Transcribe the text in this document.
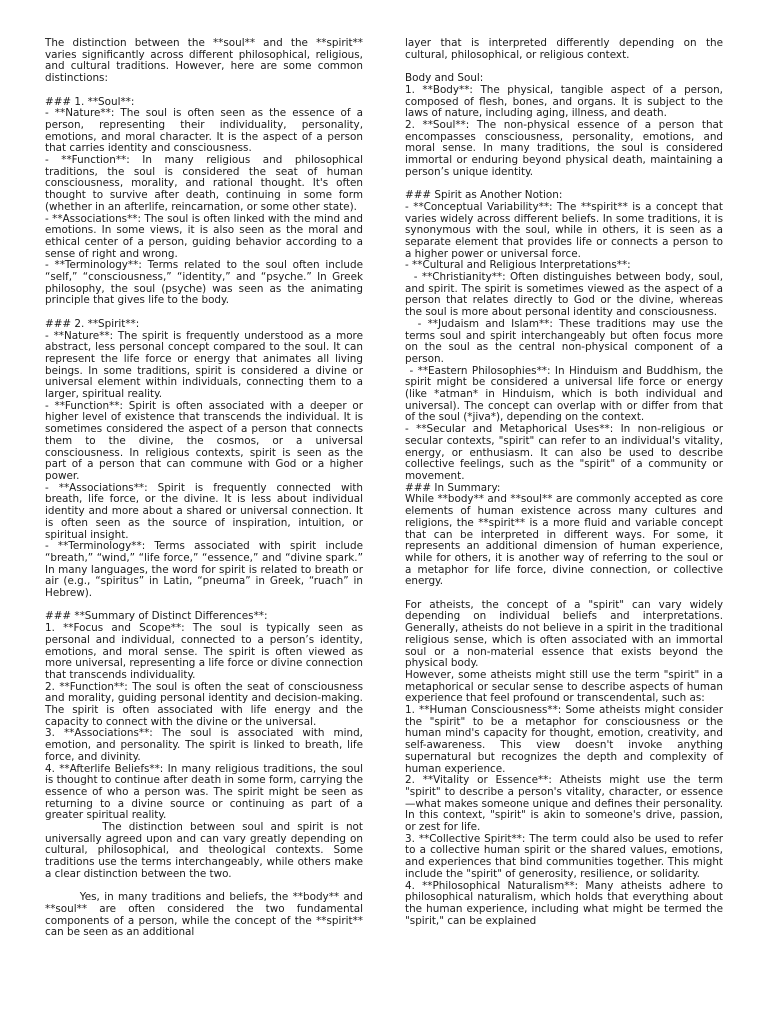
The distinction between the **soul** and the **spirit** varies significantly across different philosophical, religious, and cultural traditions. However, here are some common distinctions:
### 1. **Soul**:
- **Nature**: The soul is often seen as the essence of a person, representing their individuality, personality, emotions, and moral character. It is the aspect of a person that carries identity and consciousness.
- **Function**: In many religious and philosophical traditions, the soul is considered the seat of human consciousness, morality, and rational thought. It's often thought to survive after death, continuing in some form (whether in an afterlife, reincarnation, or some other state).
- **Associations**: The soul is often linked with the mind and emotions. In some views, it is also seen as the moral and ethical center of a person, guiding behavior according to a sense of right and wrong.
- **Terminology**: Terms related to the soul often include “self,” “consciousness,” “identity,” and “psyche.” In Greek philosophy, the soul (psyche) was seen as the animating principle that gives life to the body.
### 2. **Spirit**:
- **Nature**: The spirit is frequently understood as a more abstract, less personal concept compared to the soul. It can represent the life force or energy that animates all living beings. In some traditions, spirit is considered a divine or universal element within individuals, connecting them to a larger, spiritual reality.
- **Function**: Spirit is often associated with a deeper or higher level of existence that transcends the individual. It is sometimes considered the aspect of a person that connects them to the divine, the cosmos, or a universal consciousness. In religious contexts, spirit is seen as the part of a person that can commune with God or a higher power.
- **Associations**: Spirit is frequently connected with breath, life force, or the divine. It is less about individual identity and more about a shared or universal connection. It is often seen as the source of inspiration, intuition, or spiritual insight.
- **Terminology**: Terms associated with spirit include “breath,” “wind,” “life force,” “essence,” and “divine spark.” In many languages, the word for spirit is related to breath or air (e.g., “spiritus” in Latin, “pneuma” in Greek, “ruach” in Hebrew).
### **Summary of Distinct Differences**:
1. **Focus and Scope**: The soul is typically seen as personal and individual, connected to a person’s identity, emotions, and moral sense. The spirit is often viewed as more universal, representing a life force or divine connection that transcends individuality.
2. **Function**: The soul is often the seat of consciousness and morality, guiding personal identity and decision-making. The spirit is often associated with life energy and the capacity to connect with the divine or the universal.
3. **Associations**: The soul is associated with mind, emotion, and personality. The spirit is linked to breath, life force, and divinity.
4. **Afterlife Beliefs**: In many religious traditions, the soul is thought to continue after death in some form, carrying the essence of who a person was. The spirit might be seen as returning to a divine source or continuing as part of a greater spiritual reality.
The distinction between soul and spirit is not universally agreed upon and can vary greatly depending on cultural, philosophical, and theological contexts. Some traditions use the terms interchangeably, while others make a clear distinction between the two.
Yes, in many traditions and beliefs, the **body** and **soul** are often considered the two fundamental components of a person, while the concept of the **spirit** can be seen as an additional
layer that is interpreted differently depending on the cultural, philosophical, or religious context.
Body and Soul:
1. **Body**: The physical, tangible aspect of a person, composed of flesh, bones, and organs. It is subject to the laws of nature, including aging, illness, and death.
2. **Soul**: The non-physical essence of a person that encompasses consciousness, personality, emotions, and moral sense. In many traditions, the soul is considered immortal or enduring beyond physical death, maintaining a person’s unique identity.
### Spirit as Another Notion:
- **Conceptual Variability**: The **spirit** is a concept that varies widely across different beliefs. In some traditions, it is synonymous with the soul, while in others, it is seen as a separate element that provides life or connects a person to a higher power or universal force.
- **Cultural and Religious Interpretations**:
- **Christianity**: Often distinguishes between body, soul, and spirit. The spirit is sometimes viewed as the aspect of a person that relates directly to God or the divine, whereas the soul is more about personal identity and consciousness.
- **Judaism and Islam**: These traditions may use the terms soul and spirit interchangeably but often focus more on the soul as the central non-physical component of a person.
- **Eastern Philosophies**: In Hinduism and Buddhism, the spirit might be considered a universal life force or energy (like *atman* in Hinduism, which is both individual and universal). The concept can overlap with or differ from that of the soul (*jiva*), depending on the context.
- **Secular and Metaphorical Uses**: In non-religious or secular contexts, "spirit" can refer to an individual's vitality, energy, or enthusiasm. It can also be used to describe collective feelings, such as the "spirit" of a community or movement.
### In Summary:
While **body** and **soul** are commonly accepted as core elements of human existence across many cultures and religions, the **spirit** is a more fluid and variable concept that can be interpreted in different ways. For some, it represents an additional dimension of human experience, while for others, it is another way of referring to the soul or a metaphor for life force, divine connection, or collective energy.
For atheists, the concept of a "spirit" can vary widely depending on individual beliefs and interpretations. Generally, atheists do not believe in a spirit in the traditional religious sense, which is often associated with an immortal soul or a non-material essence that exists beyond the physical body.
However, some atheists might still use the term "spirit" in a metaphorical or secular sense to describe aspects of human experience that feel profound or transcendental, such as:
1. **Human Consciousness**: Some atheists might consider the "spirit" to be a metaphor for consciousness or the human mind's capacity for thought, emotion, creativity, and self-awareness. This view doesn't invoke anything supernatural but recognizes the depth and complexity of human experience.
2. **Vitality or Essence**: Atheists might use the term "spirit" to describe a person's vitality, character, or essence—what makes someone unique and defines their personality. In this context, "spirit" is akin to someone's drive, passion, or zest for life.
3. **Collective Spirit**: The term could also be used to refer to a collective human spirit or the shared values, emotions, and experiences that bind communities together. This might include the "spirit" of generosity, resilience, or solidarity.
4. **Philosophical Naturalism**: Many atheists adhere to philosophical naturalism, which holds that everything about the human experience, including what might be termed the "spirit," can be explained
